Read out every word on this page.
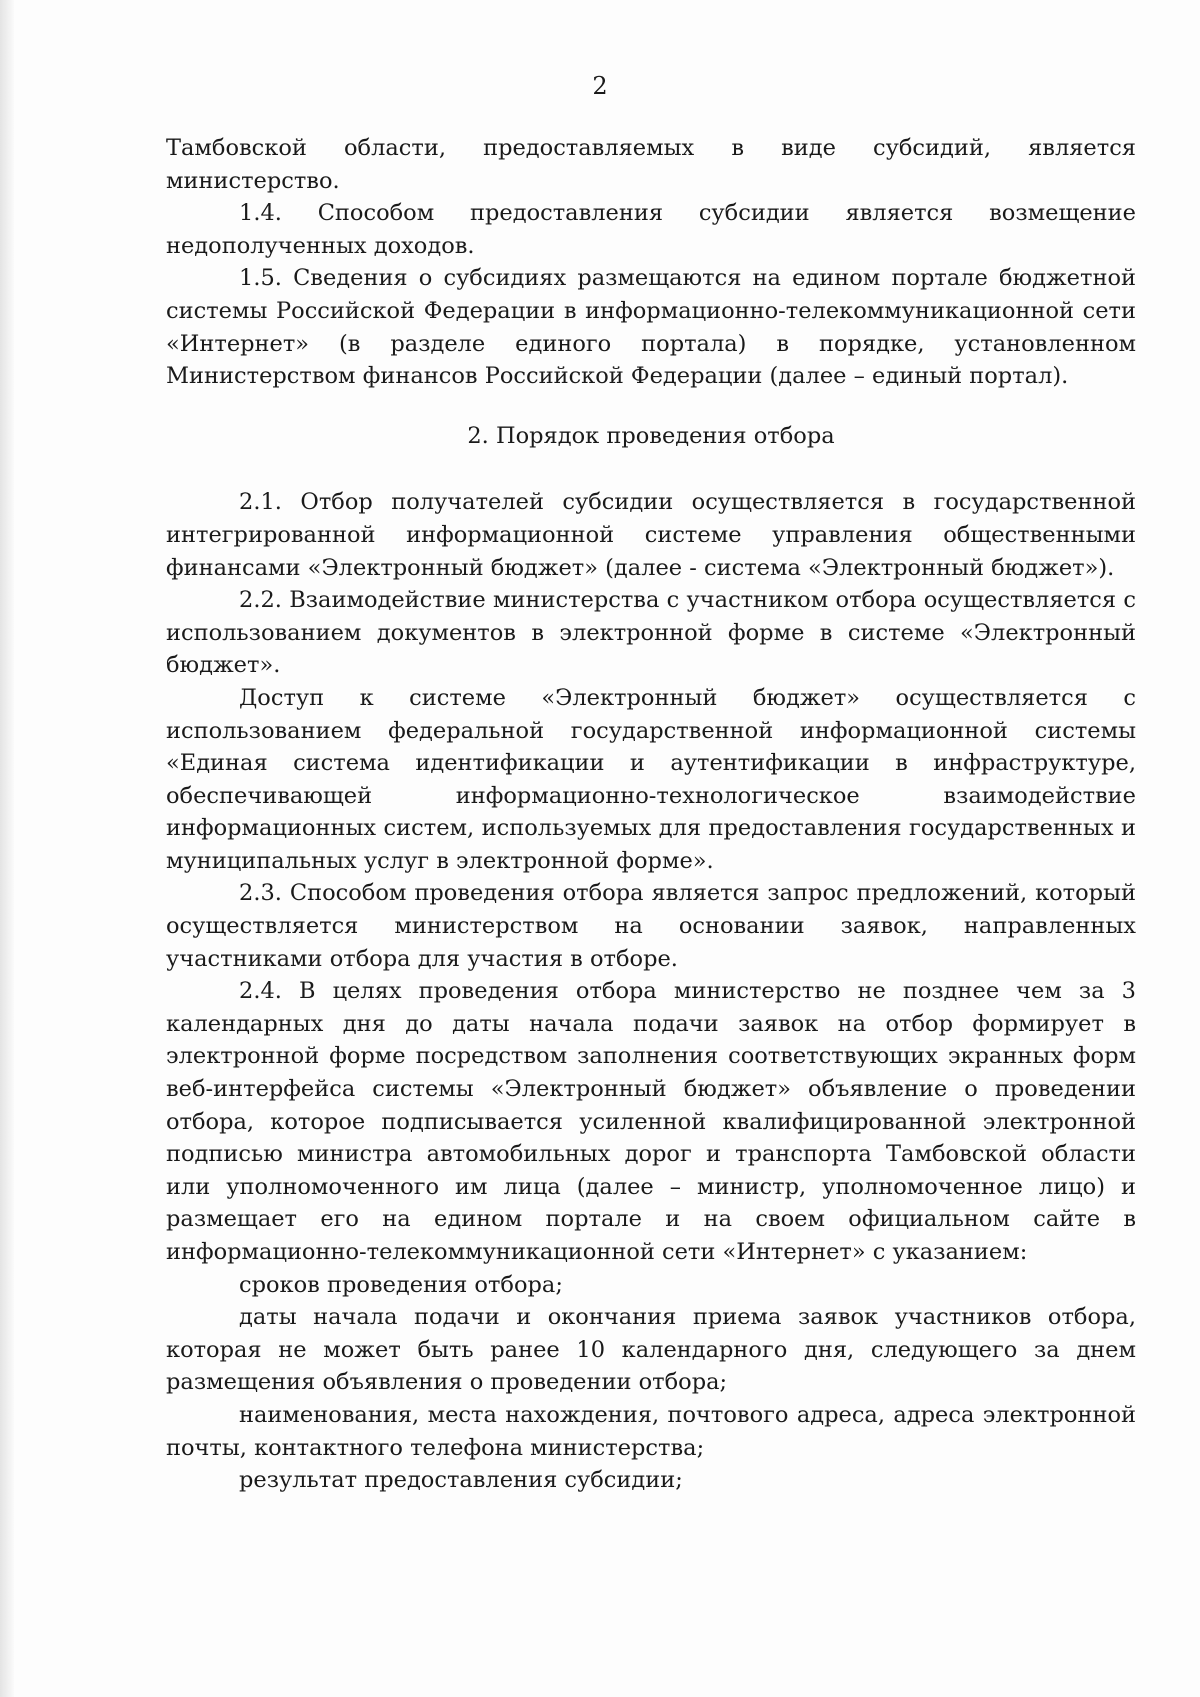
2

Тамбовской области, предоставляемых в виде субсидий, является министерство.

1.4. Способом предоставления субсидии является возмещение недополученных доходов.

1.5. Сведения о субсидиях размещаются на едином портале бюджетной системы Российской Федерации в информационно-телекоммуникационной сети «Интернет» (в разделе единого портала) в порядке, установленном Министерством финансов Российской Федерации (далее – единый портал).

2. Порядок проведения отбора

2.1. Отбор получателей субсидии осуществляется в государственной интегрированной информационной системе управления общественными финансами «Электронный бюджет» (далее - система «Электронный бюджет»).

2.2. Взаимодействие министерства с участником отбора осуществляется с использованием документов в электронной форме в системе «Электронный бюджет».

Доступ к системе «Электронный бюджет» осуществляется с использованием федеральной государственной информационной системы «Единая система идентификации и аутентификации в инфраструктуре, обеспечивающей информационно-технологическое взаимодействие информационных систем, используемых для предоставления государственных и муниципальных услуг в электронной форме».

2.3. Способом проведения отбора является запрос предложений, который осуществляется министерством на основании заявок, направленных участниками отбора для участия в отборе.

2.4. В целях проведения отбора министерство не позднее чем за 3 календарных дня до даты начала подачи заявок на отбор формирует в электронной форме посредством заполнения соответствующих экранных форм веб-интерфейса системы «Электронный бюджет» объявление о проведении отбора, которое подписывается усиленной квалифицированной электронной подписью министра автомобильных дорог и транспорта Тамбовской области или уполномоченного им лица (далее – министр, уполномоченное лицо) и размещает его на едином портале и на своем официальном сайте в информационно-телекоммуникационной сети «Интернет» с указанием:

сроков проведения отбора;

даты начала подачи и окончания приема заявок участников отбора, которая не может быть ранее 10 календарного дня, следующего за днем размещения объявления о проведении отбора;

наименования, места нахождения, почтового адреса, адреса электронной почты, контактного телефона министерства;

результат предоставления субсидии;
